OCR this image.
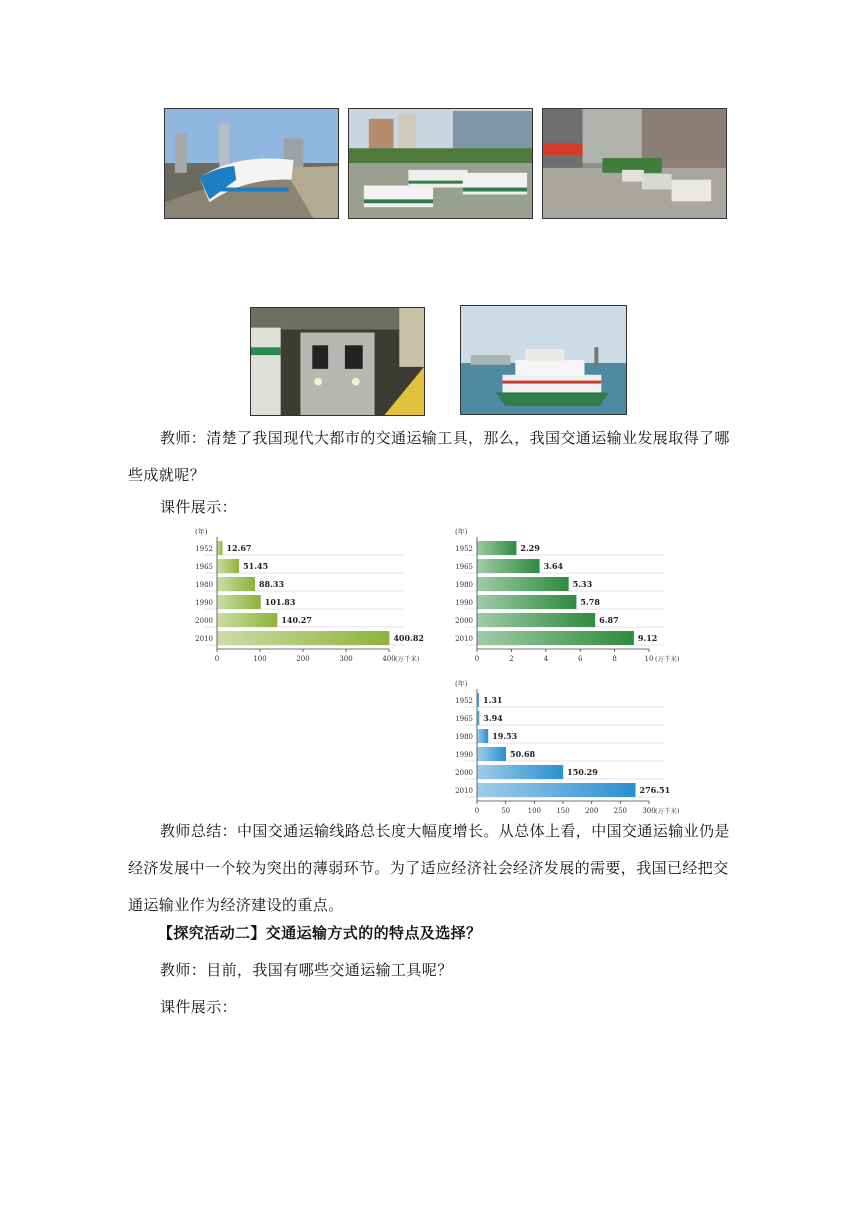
教师：清楚了我国现代大都市的交通运输工具，那么，我国交通运输业发展取得了哪些成就呢？
课件展示：
(年)
1952 12.67
1965	51.45
1980	88.33
1990	101.83
2000	140.27
2010	400.82
0	100	200	300	400 (万千米)
(年)
1952	2.29
1965	3.64
1980	5.33
1990	5.78
2000	6.87
2010	9.12
0	2	4	6	8	10 (万千米)
(年)
1952 1.31
1965 3.94
1980 19.53
1990	50.68
2000	150.29
2010	276.51
0	50	100 150 200 250 300 (万千米)
教师总结：中国交通运输线路总长度大幅度增长。从总体上看，中国交通运输业仍是经济发展中一个较为突出的薄弱环节。为了适应经济社会经济发展的需要，我国已经把交通运输业作为经济建设的重点。
【探究活动二】交通运输方式的的特点及选择？
教师：目前，我国有哪些交通运输工具呢？
课件展示：
